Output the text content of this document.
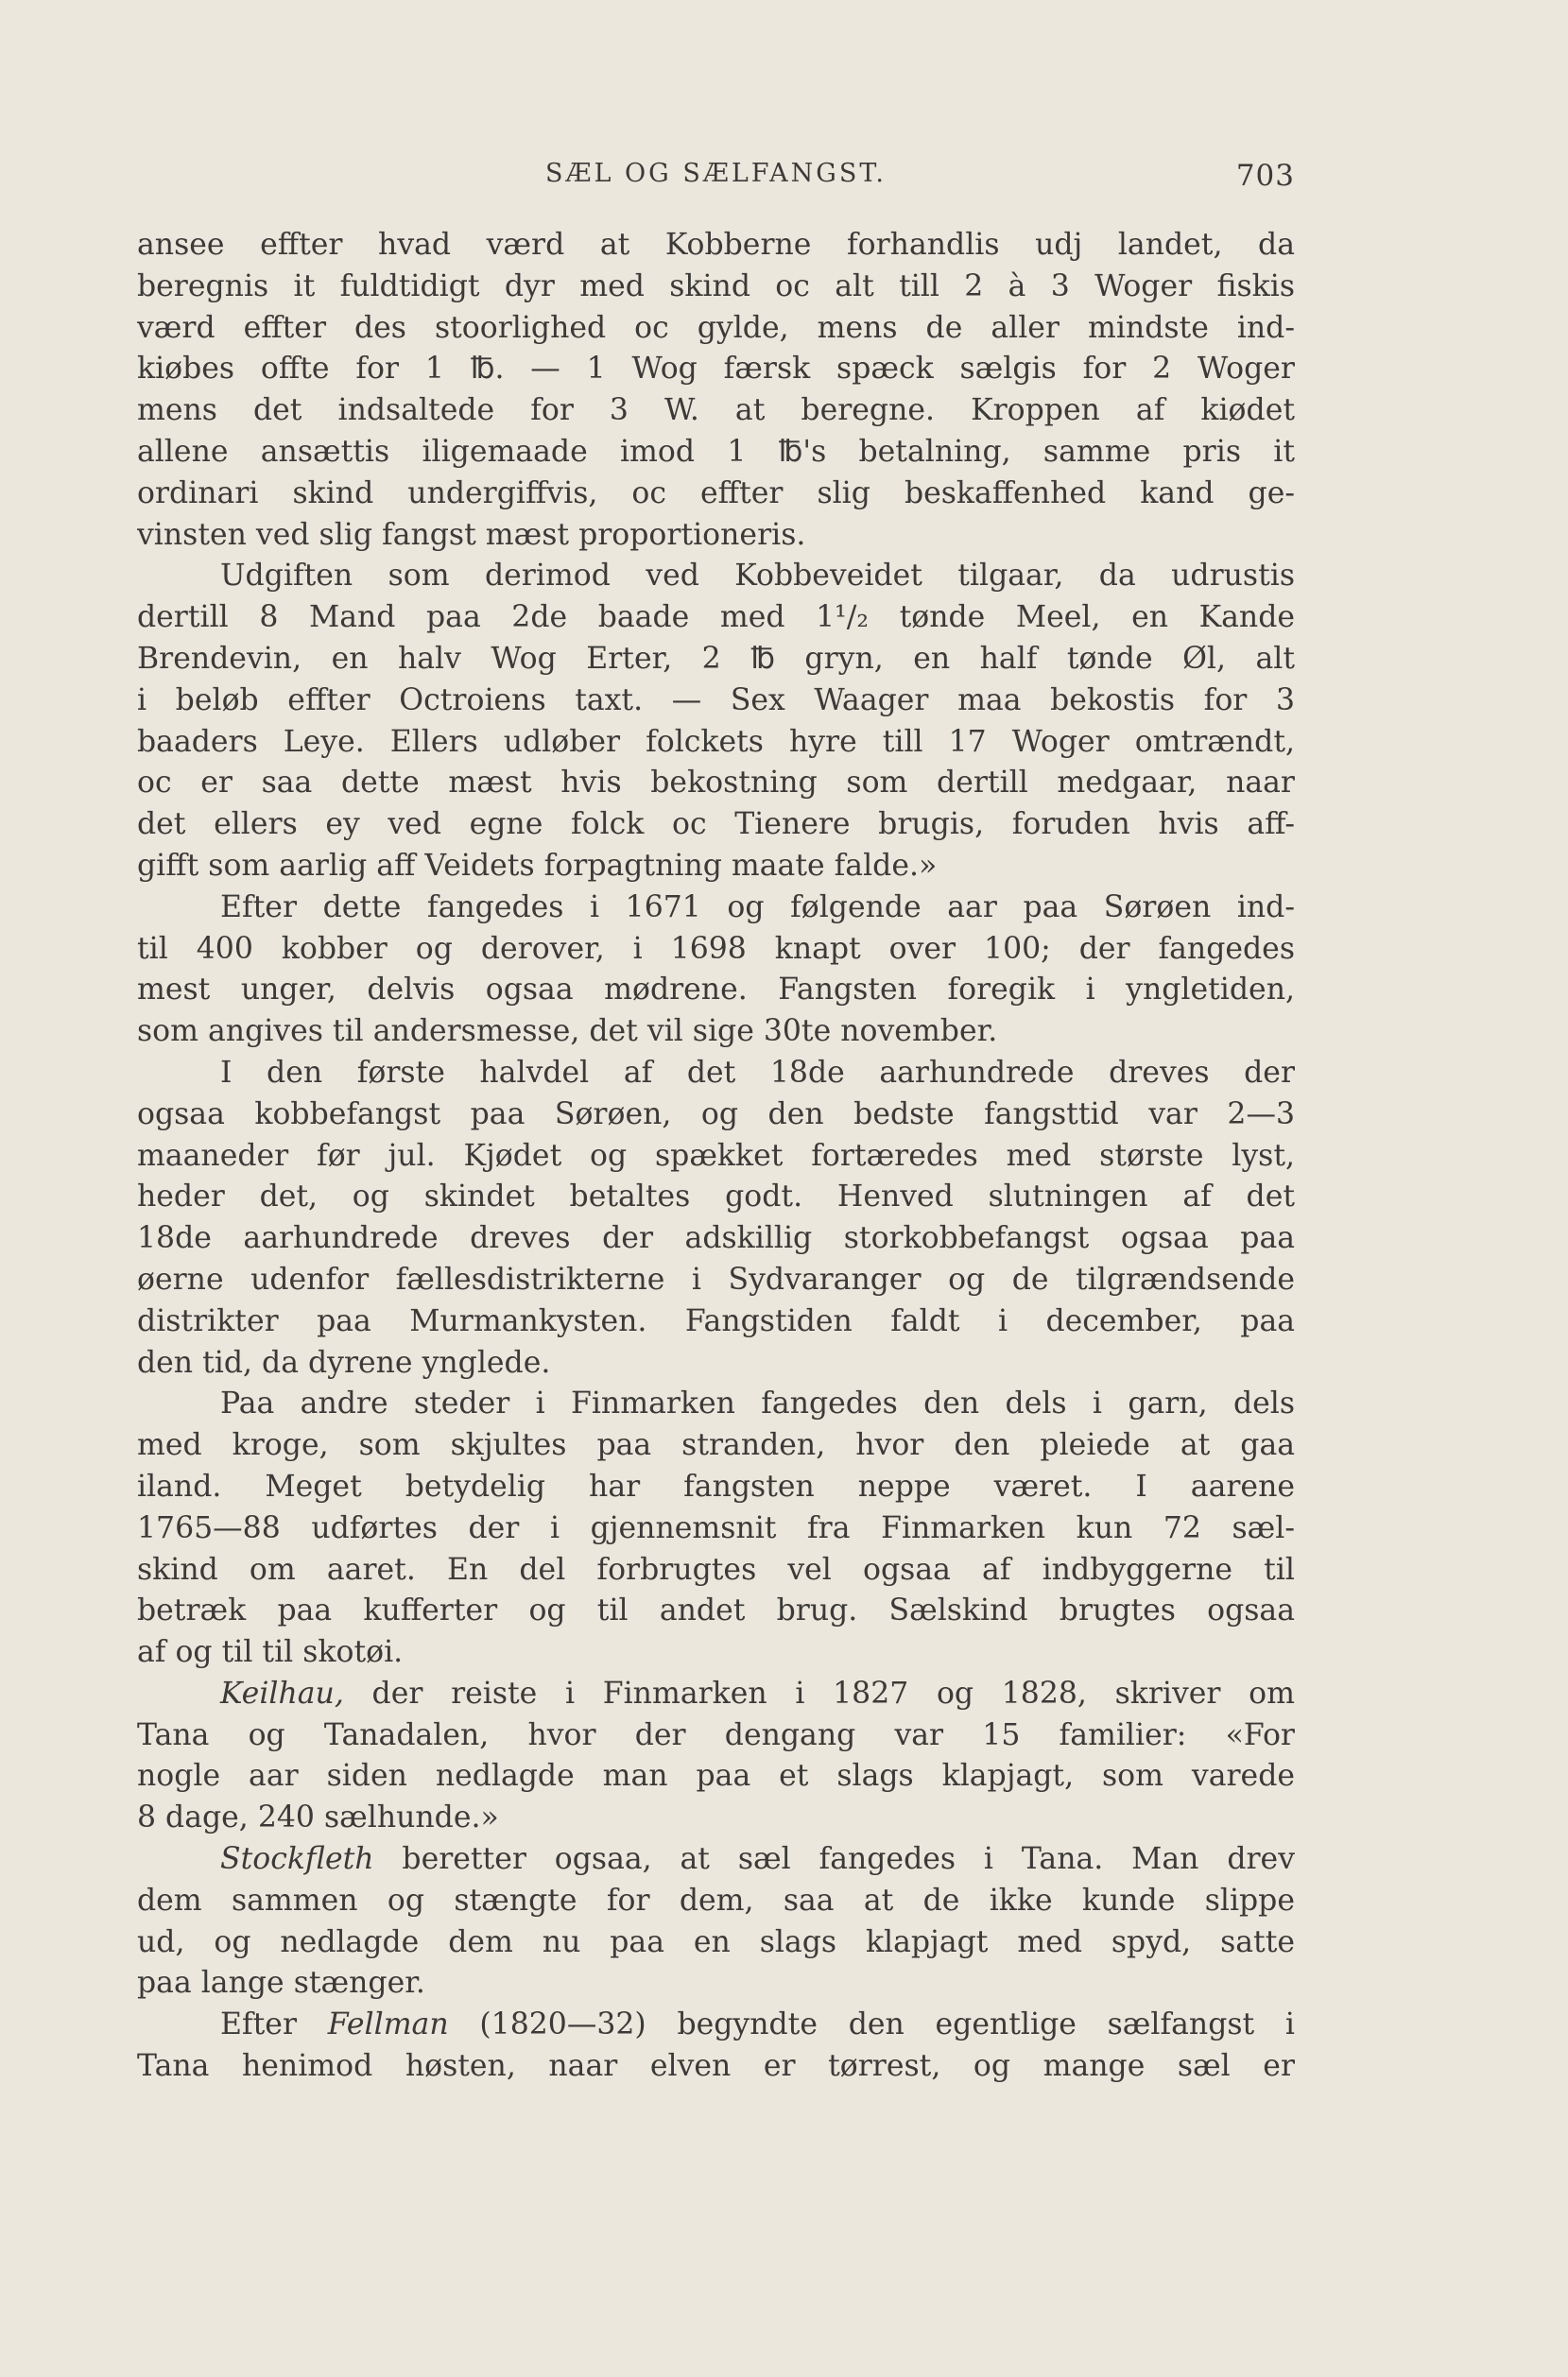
SÆL OG SÆLFANGST.	703
ansee effter hvad værd at Kobberne forhandlis udj landet, da
beregnis it fuldtidigt dyr med skind oc alt till 2 à 3 Woger fiskis
værd effter des stoorlighed oc gylde, mens de aller mindste ind-
kiøbes offte for 1 ℔. — 1 Wog færsk spæck sælgis for 2 Woger
mens det indsaltede for 3 W. at beregne. Kroppen af kiødet
allene ansættis iligemaade imod 1 ℔'s betalning, samme pris it
ordinari skind undergiffvis, oc effter slig beskaffenhed kand ge-
vinsten ved slig fangst mæst proportioneris.
Udgiften som derimod ved Kobbeveidet tilgaar, da udrustis
dertill 8 Mand paa 2de baade med 1¹/₂ tønde Meel, en Kande
Brendevin, en halv Wog Erter, 2 ℔ gryn, en half tønde Øl, alt
i beløb effter Octroiens taxt. — Sex Waager maa bekostis for 3
baaders Leye. Ellers udløber folckets hyre till 17 Woger omtrændt,
oc er saa dette mæst hvis bekostning som dertill medgaar, naar
det ellers ey ved egne folck oc Tienere brugis, foruden hvis aff-
gifft som aarlig aff Veidets forpagtning maate falde.»
Efter dette fangedes i 1671 og følgende aar paa Sørøen ind-
til 400 kobber og derover, i 1698 knapt over 100; der fangedes
mest unger, delvis ogsaa mødrene. Fangsten foregik i yngletiden,
som angives til andersmesse, det vil sige 30te november.
I den første halvdel af det 18de aarhundrede dreves der
ogsaa kobbefangst paa Sørøen, og den bedste fangsttid var 2—3
maaneder før jul. Kjødet og spækket fortæredes med største lyst,
heder det, og skindet betaltes godt. Henved slutningen af det
18de aarhundrede dreves der adskillig storkobbefangst ogsaa paa
øerne udenfor fællesdistrikterne i Sydvaranger og de tilgrændsende
distrikter paa Murmankysten. Fangstiden faldt i december, paa
den tid, da dyrene ynglede.
Paa andre steder i Finmarken fangedes den dels i garn, dels
med kroge, som skjultes paa stranden, hvor den pleiede at gaa
iland. Meget betydelig har fangsten neppe været. I aarene
1765—88 udførtes der i gjennemsnit fra Finmarken kun 72 sæl-
skind om aaret. En del forbrugtes vel ogsaa af indbyggerne til
betræk paa kufferter og til andet brug. Sælskind brugtes ogsaa
af og til til skotøi.
Keilhau, der reiste i Finmarken i 1827 og 1828, skriver om
Tana og Tanadalen, hvor der dengang var 15 familier: «For
nogle aar siden nedlagde man paa et slags klapjagt, som varede
8 dage, 240 sælhunde.»
Stockfleth beretter ogsaa, at sæl fangedes i Tana. Man drev
dem sammen og stængte for dem, saa at de ikke kunde slippe
ud, og nedlagde dem nu paa en slags klapjagt med spyd, satte
paa lange stænger.
Efter Fellman (1820—32) begyndte den egentlige sælfangst i
Tana henimod høsten, naar elven er tørrest, og mange sæl er
